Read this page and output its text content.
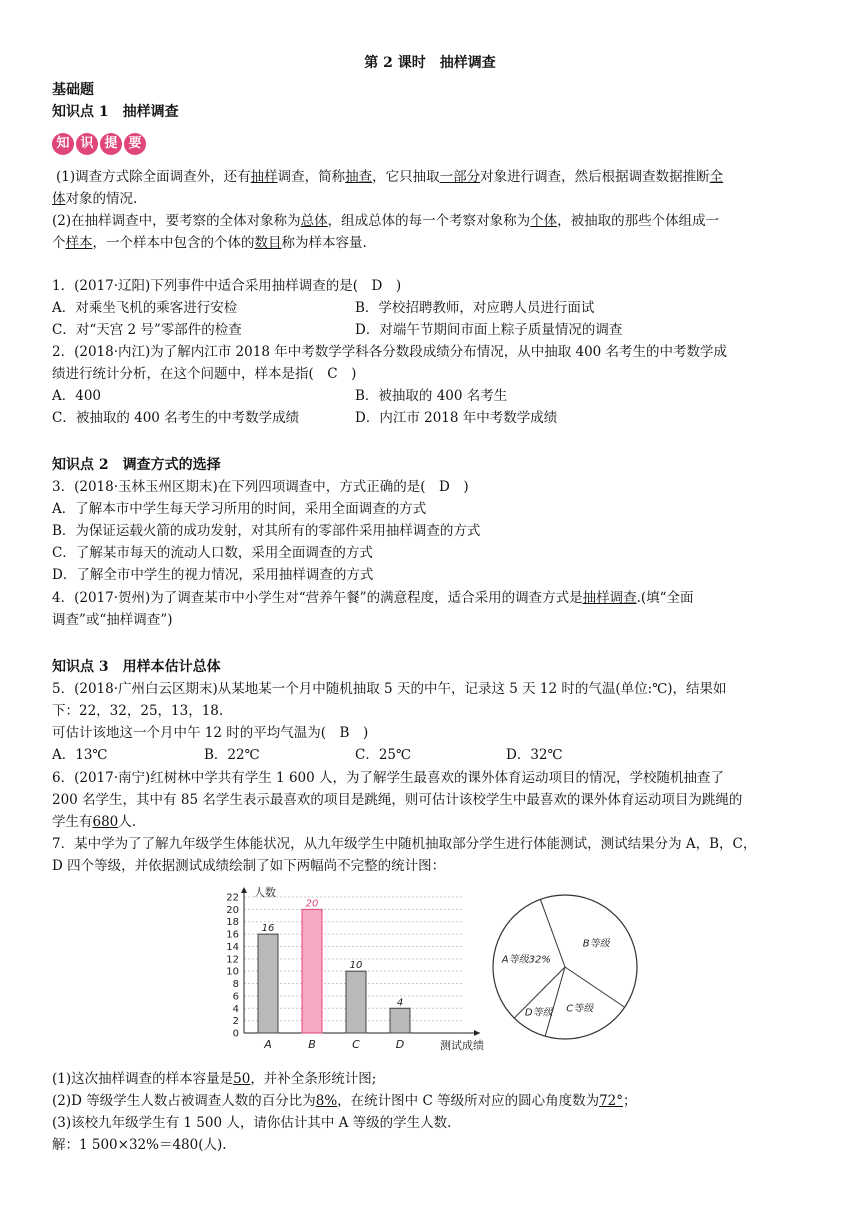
第 2 课时　抽样调查
基础题
知识点 1　抽样调查
知 识 提 要
(1)调查方式除全面调查外，还有抽样调查，简称抽查，它只抽取一部分对象进行调查，然后根据调查数据推断全
体对象的情况.
(2)在抽样调查中，要考察的全体对象称为总体，组成总体的每一个考察对象称为个体，被抽取的那些个体组成一
个样本，一个样本中包含的个体的数目称为样本容量.
1．(2017·辽阳)下列事件中适合采用抽样调查的是(　D　)
A．对乘坐飞机的乘客进行安检	B．学校招聘教师，对应聘人员进行面试
C．对“天宫 2 号”零部件的检查	D．对端午节期间市面上粽子质量情况的调查
2．(2018·内江)为了解内江市 2018 年中考数学学科各分数段成绩分布情况，从中抽取 400 名考生的中考数学成
绩进行统计分析，在这个问题中，样本是指(　C　)
A．400	B．被抽取的 400 名考生
C．被抽取的 400 名考生的中考数学成绩	D．内江市 2018 年中考数学成绩
知识点 2　调查方式的选择
3．(2018·玉林玉州区期末)在下列四项调查中，方式正确的是(　D　)
A．了解本市中学生每天学习所用的时间，采用全面调查的方式
B．为保证运载火箭的成功发射，对其所有的零部件采用抽样调查的方式
C．了解某市每天的流动人口数，采用全面调查的方式
D．了解全市中学生的视力情况，采用抽样调查的方式
4．(2017·贺州)为了调查某市中小学生对“营养午餐”的满意程度，适合采用的调查方式是抽样调查.(填“全面
调查”或“抽样调查”)
知识点 3　用样本估计总体
5．(2018·广州白云区期末)从某地某一个月中随机抽取 5 天的中午，记录这 5 天 12 时的气温(单位:℃)，结果如
下：22，32，25，13，18.
可估计该地这一个月中午 12 时的平均气温为(　B　)
A．13℃	B．22℃	C．25℃	D．32℃
6．(2017·南宁)红树林中学共有学生 1 600 人，为了解学生最喜欢的课外体育运动项目的情况，学校随机抽查了
200 名学生，其中有 85 名学生表示最喜欢的项目是跳绳，则可估计该校学生中最喜欢的课外体育运动项目为跳绳的
学生有680人.
7．某中学为了了解九年级学生体能状况，从九年级学生中随机抽取部分学生进行体能测试，测试结果分为 A，B，C，
D 四个等级，并依据测试成绩绘制了如下两幅尚不完整的统计图：
0
2
4
6
8
10
12
14
16
18
20
22 人数
测试成绩
16
A
20
B
10
C
4
D
B等级
C等级
D等级
A等级32%
(1)这次抽样调查的样本容量是50，并补全条形统计图;
(2)D 等级学生人数占被调查人数的百分比为8%，在统计图中 C 等级所对应的圆心角度数为72°；
(3)该校九年级学生有 1 500 人，请你估计其中 A 等级的学生人数.
解：1 500×32%＝480(人).
